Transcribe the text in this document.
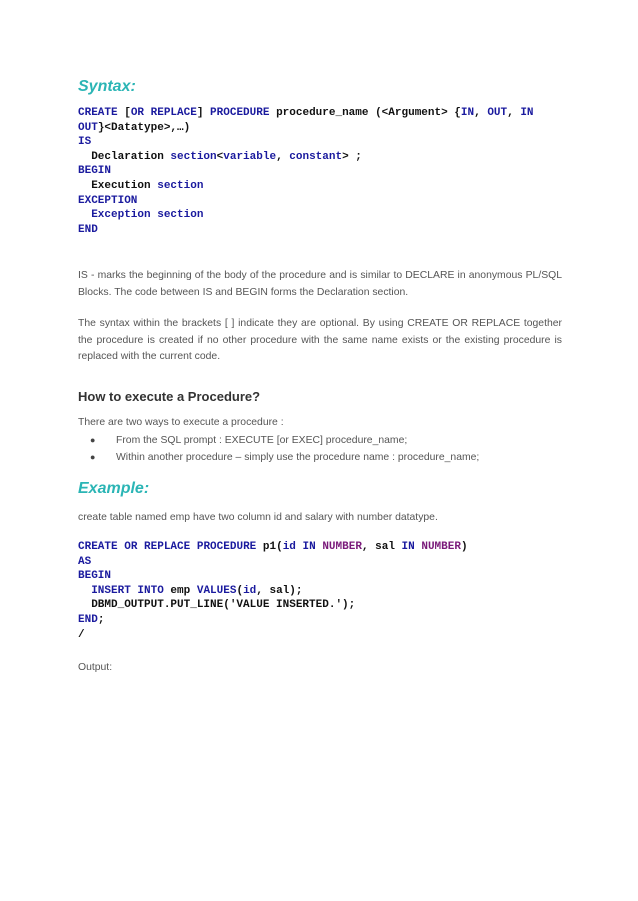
Syntax:
CREATE [OR REPLACE] PROCEDURE procedure_name (<Argument> {IN, OUT, IN
OUT}<Datatype>,…)
IS
Declaration section<variable, constant> ;
BEGIN
Execution section
EXCEPTION
Exception section
END

IS - marks the beginning of the body of the procedure and is similar to DECLARE in anonymous PL/SQL Blocks. The code between IS and BEGIN forms the Declaration section.

The syntax within the brackets [ ] indicate they are optional. By using CREATE OR REPLACE together the procedure is created if no other procedure with the same name exists or the existing procedure is replaced with the current code.

How to execute a Procedure?

There are two ways to execute a procedure :

● From the SQL prompt : EXECUTE [or EXEC] procedure_name;
● Within another procedure – simply use the procedure name : procedure_name;
Example:

create table named emp have two column id and salary with number datatype.

CREATE OR REPLACE PROCEDURE p1(id IN NUMBER, sal IN NUMBER)
AS
BEGIN
INSERT INTO emp VALUES(id, sal);
DBMD_OUTPUT.PUT_LINE('VALUE INSERTED.');
END;
/

Output:
